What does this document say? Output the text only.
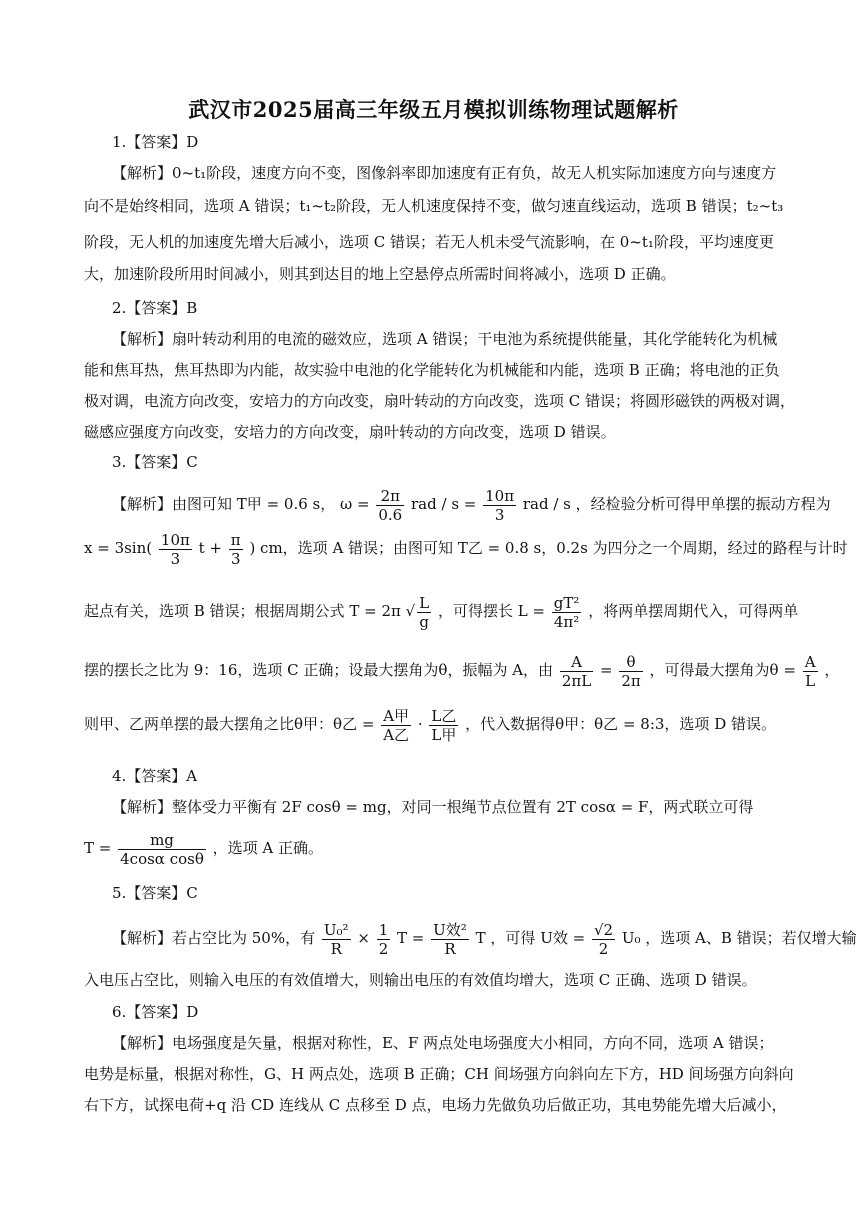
武汉市2025届高三年级五月模拟训练物理试题解析
1.【答案】D
【解析】0~t₁阶段，速度方向不变，图像斜率即加速度有正有负，故无人机实际加速度方向与速度方
向不是始终相同，选项 A 错误；t₁~t₂阶段，无人机速度保持不变，做匀速直线运动，选项 B 错误；t₂~t₃
阶段，无人机的加速度先增大后减小，选项 C 错误；若无人机未受气流影响，在 0~t₁阶段，平均速度更
大，加速阶段所用时间减小，则其到达目的地上空悬停点所需时间将减小，选项 D 正确。
2.【答案】B
【解析】扇叶转动利用的电流的磁效应，选项 A 错误；干电池为系统提供能量，其化学能转化为机械
能和焦耳热，焦耳热即为内能，故实验中电池的化学能转化为机械能和内能，选项 B 正确；将电池的正负
极对调，电流方向改变，安培力的方向改变，扇叶转动的方向改变，选项 C 错误；将圆形磁铁的两极对调，
磁感应强度方向改变，安培力的方向改变，扇叶转动的方向改变，选项 D 错误。
3.【答案】C
【解析】由图可知 T甲 = 0.6 s， $\omega = \frac{2\pi}{0.6}$ rad / $s = \frac{10\pi}{3}$ rad / s ，经检验分析可得甲单摆的振动方程为
$x = 3\sin( \frac{10\pi}{3}$ $t + \frac{\pi}{3}$ ) cm，选项 A 错误；由图可知 T乙 = 0.8 s，0.2s 为四分之一个周期，经过的路程与计时
起点有关，选项 B 错误；根据周期公式 T = 2π √ $\frac{L}{g}$ ，可得摆长 $L = \frac{\text{gT²}}{\text{4π²}}$ ，将两单摆周期代入，可得两单
摆的摆长之比为 9：16，选项 C 正确；设最大摆角为θ，振幅为 A，由 $\frac{A}{2\pi L} = \frac{\theta}{2\pi}$ ，可得最大摆角为$\theta = \frac{A}{L}$ ，
则甲、乙两单摆的最大摆角之比θ甲：θ乙 = $\frac{\text{A甲}}{\text{A乙}} \cdot \frac{\text{L乙}}{\text{L甲}}$ ，代入数据得θ甲：θ乙 = 8:3，选项 D 错误。
4.【答案】A
【解析】整体受力平衡有 2F cosθ = mg，对同一根绳节点位置有 2T cosα = F，两式联立可得
$T = \frac{mg}{\text{4cosα cosθ}}$ ，选项 A 正确。
5.【答案】C
【解析】若占空比为 50%，有 $\frac{\text{U₀²}}{R} \times \frac{1}{2}$ $T = \frac{\text{U效²}}{R}$ T ，可得 U效 = $\frac{√2}{2} U_0$ ，选项 A、B 错误；若仅增大输
入电压占空比，则输入电压的有效值增大，则输出电压的有效值均增大，选项 C 正确、选项 D 错误。
6.【答案】D
【解析】电场强度是矢量，根据对称性，E、F 两点处电场强度大小相同，方向不同，选项 A 错误；
电势是标量，根据对称性，G、H 两点处，选项 B 正确；CH 间场强方向斜向左下方，HD 间场强方向斜向
右下方，试探电荷+q 沿 CD 连线从 C 点移至 D 点，电场力先做负功后做正功，其电势能先增大后减小，
